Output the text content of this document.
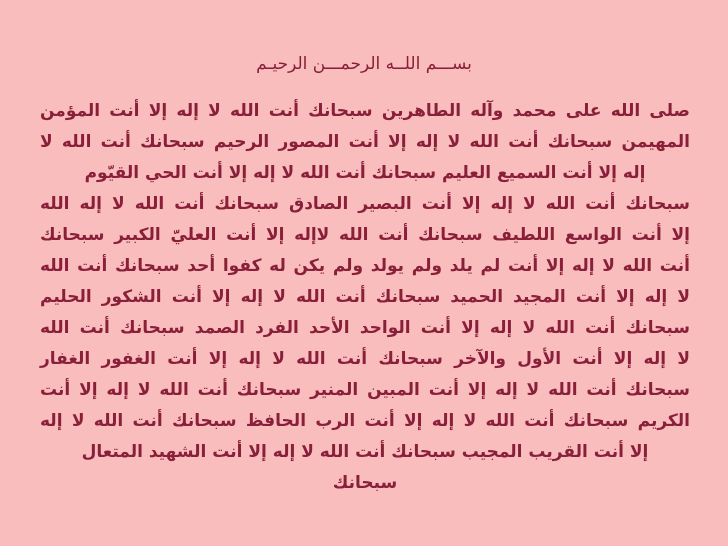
بســـم اللــه الرحمـــن الرحيـم
صلى الله على محمد وآله الطاهرين سبحانك أنت الله لا إله إلا أنت المؤمن
المهيمن سبحانك أنت الله لا إله إلا أنت المصور الرحيم سبحانك أنت الله لا
إله إلا أنت السميع العليم سبحانك أنت الله لا إله إلا أنت الحي القيّوم
سبحانك أنت الله لا إله إلا أنت البصير الصادق سبحانك أنت الله لا إله الله
إلا أنت الواسع اللطيف سبحانك أنت الله لاإله إلا أنت العليّ الكبير سبحانك
أنت الله لا إله إلا أنت لم يلد ولم يولد ولم يكن له كفوا أحد سبحانك أنت الله
لا إله إلا أنت المجيد الحميد سبحانك أنت الله لا إله إلا أنت الشكور الحليم
سبحانك أنت الله لا إله إلا أنت الواحد الأحد الفرد الصمد سبحانك أنت الله
لا إله إلا أنت الأول والآخر سبحانك أنت الله لا إله إلا أنت الغفور الغفار
سبحانك أنت الله لا إله إلا أنت المبين المنير سبحانك أنت الله لا إله إلا أنت
الكريم سبحانك أنت الله لا إله إلا أنت الرب الحافظ سبحانك أنت الله لا إله
إلا أنت القريب المجيب سبحانك أنت الله لا إله إلا أنت الشهيد المتعال
سبحانك
